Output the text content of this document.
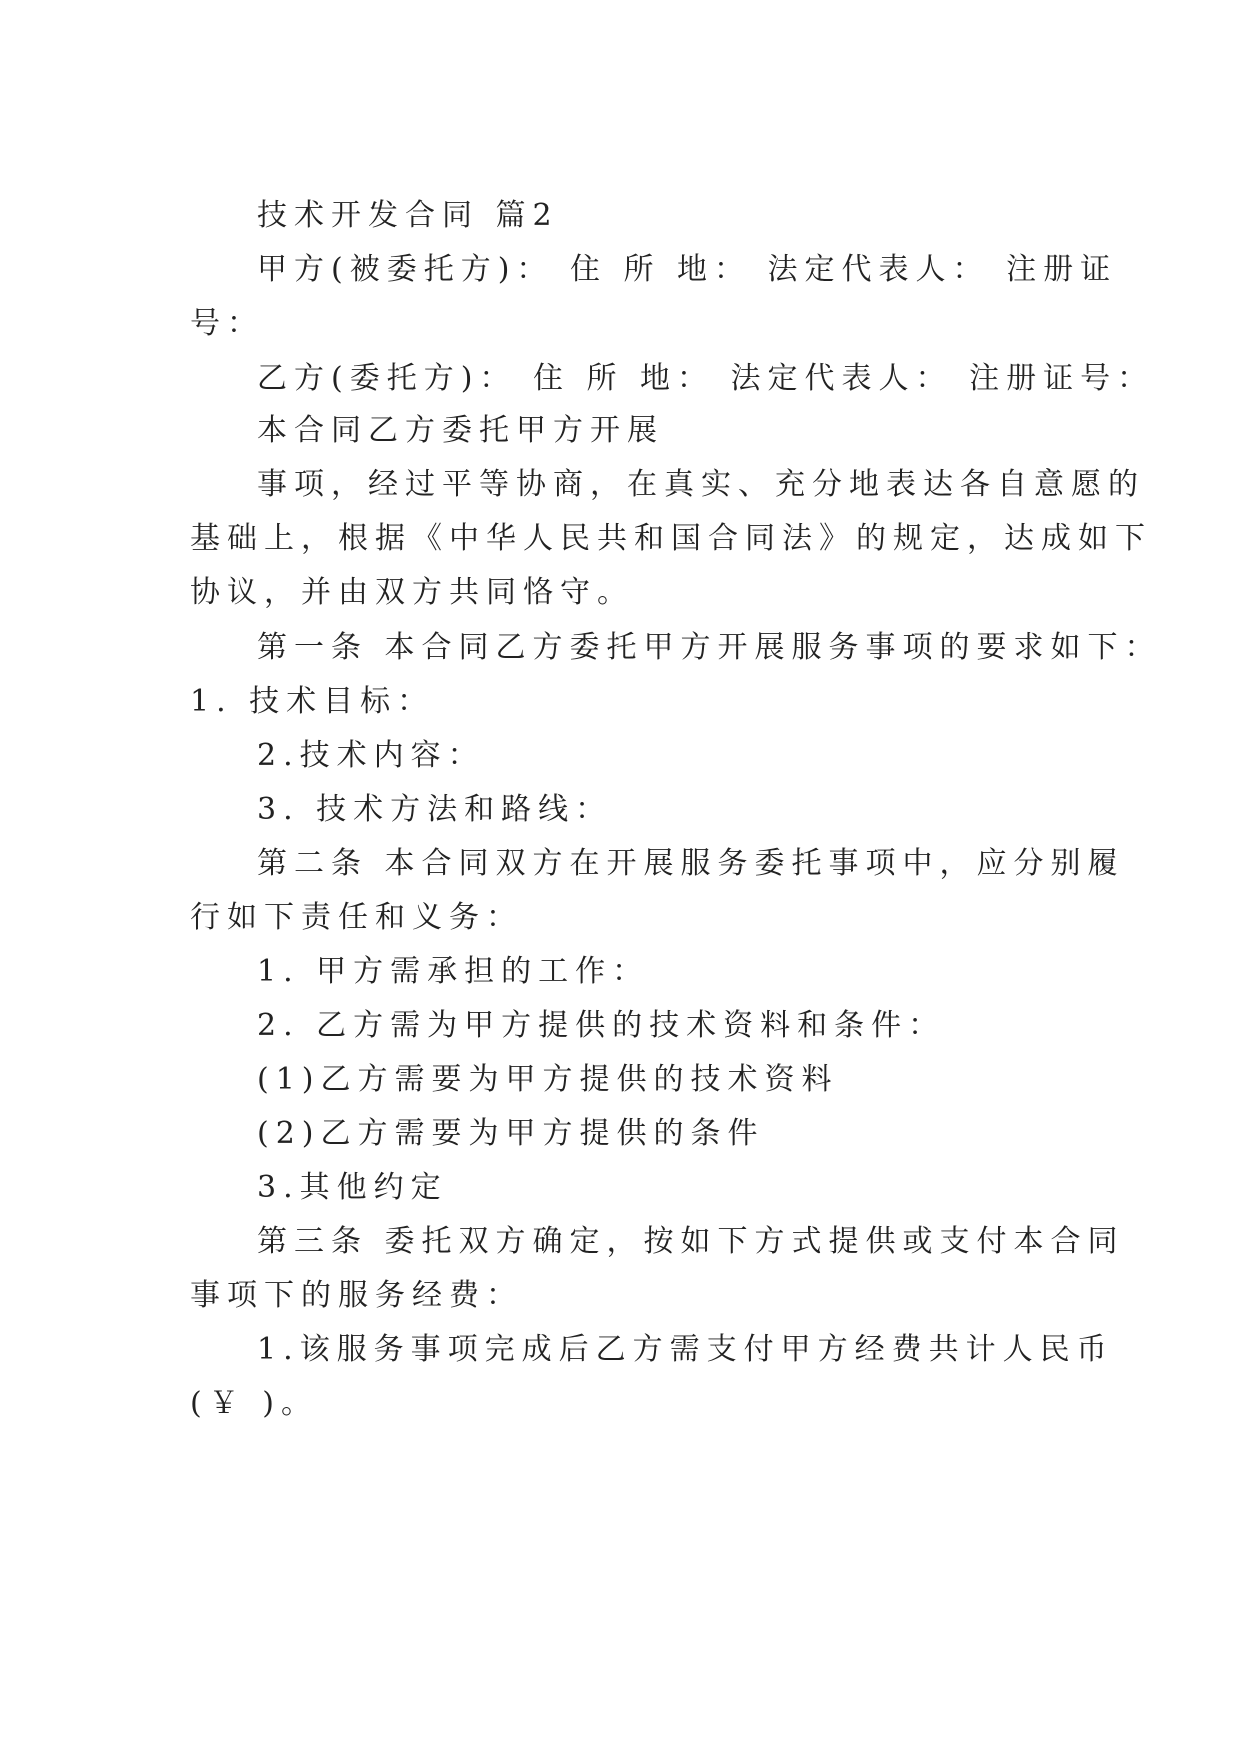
技术开发合同 篇2
甲方(被委托方)： 住 所 地： 法定代表人： 注册证
号：
乙方(委托方)： 住 所 地： 法定代表人： 注册证号：
本合同乙方委托甲方开展
事项，经过平等协商，在真实、充分地表达各自意愿的
基础上，根据《中华人民共和国合同法》的规定，达成如下
协议，并由双方共同恪守。
第一条 本合同乙方委托甲方开展服务事项的要求如下：
1. 技术目标：
2.技术内容：
3. 技术方法和路线：
第二条 本合同双方在开展服务委托事项中，应分别履
行如下责任和义务：
1. 甲方需承担的工作：
2. 乙方需为甲方提供的技术资料和条件：
(1)乙方需要为甲方提供的技术资料
(2)乙方需要为甲方提供的条件
3.其他约定
第三条 委托双方确定，按如下方式提供或支付本合同
事项下的服务经费：
1.该服务事项完成后乙方需支付甲方经费共计人民币
(￥ )。
